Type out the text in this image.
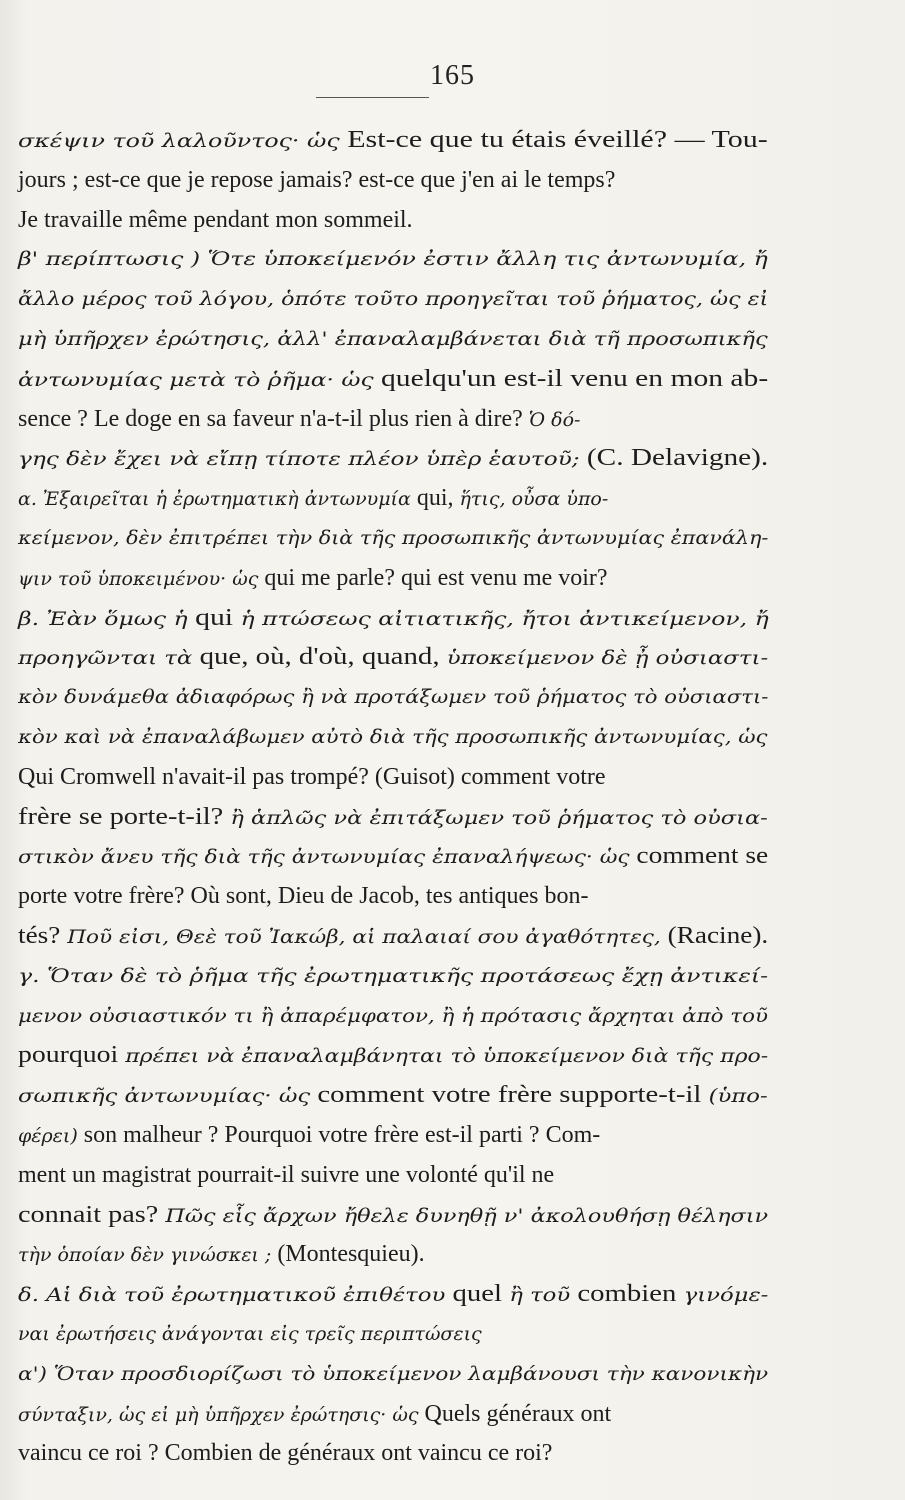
165
σκέψιν τοῦ λαλοῦντος· ὡς Est-ce que tu étais éveillé? — Tou-
jours ; est-ce que je repose jamais? est-ce que j'en ai le temps?
Je travaille même pendant mon sommeil.
β' περίπτωσις ) Ὅτε ὑποκείμενόν ἐστιν ἄλλη τις ἀντωνυμία, ἤ
ἄλλο μέρος τοῦ λόγου, ὁπότε τοῦτο προηγεῖται τοῦ ῥήματος, ὡς εἰ
μὴ ὑπῆρχεν ἐρώτησις, ἀλλ' ἐπαναλαμβάνεται διὰ τῆ προσωπικῆς
ἀντωνυμίας μετὰ τὸ ῥῆμα· ὡς quelqu'un est-il venu en mon ab-
sence ? Le doge en sa faveur n'a-t-il plus rien à dire? Ὁ δό-
γης δὲν ἔχει νὰ εἴπῃ τίποτε πλέον ὑπὲρ ἑαυτοῦ; (C. Delavigne).
α. Ἐξαιρεῖται ἡ ἐρωτηματικὴ ἀντωνυμία qui, ἥτις, οὖσα ὑπο-
κείμενον, δὲν ἐπιτρέπει τὴν διὰ τῆς προσωπικῆς ἀντωνυμίας ἐπανάλη-
ψιν τοῦ ὑποκειμένου· ὡς qui me parle? qui est venu me voir?
β. Ἐὰν ὅμως ἡ qui ἡ πτώσεως αἰτιατικῆς, ἤτοι ἀντικείμενον, ἤ
προηγῶνται τὰ que, où, d'où, quand, ὑποκείμενον δὲ ᾖ οὐσιαστι-
κὸν δυνάμεθα ἀδιαφόρως ἢ νὰ προτάξωμεν τοῦ ῥήματος τὸ οὐσιαστι-
κὸν καὶ νὰ ἐπαναλάβωμεν αὐτὸ διὰ τῆς προσωπικῆς ἀντωνυμίας, ὡς
Qui Cromwell n'avait-il pas trompé? (Guisot) comment votre
frère se porte-t-il? ἢ ἁπλῶς νὰ ἐπιτάξωμεν τοῦ ῥήματος τὸ οὐσια-
στικὸν ἄνευ τῆς διὰ τῆς ἀντωνυμίας ἐπαναλήψεως· ὡς comment se
porte votre frère? Où sont, Dieu de Jacob, tes antiques bon-
tés? Ποῦ εἰσι, Θεὲ τοῦ Ἰακώβ, αἱ παλαιαί σου ἀγαθότητες, (Racine).
γ. Ὅταν δὲ τὸ ῥῆμα τῆς ἐρωτηματικῆς προτάσεως ἔχῃ ἀντικεί-
μενον οὐσιαστικόν τι ἢ ἀπαρέμφατον, ἢ ἡ πρότασις ἄρχηται ἀπὸ τοῦ
pourquoi πρέπει νὰ ἐπαναλαμβάνηται τὸ ὑποκείμενον διὰ τῆς προ-
σωπικῆς ἀντωνυμίας· ὡς comment votre frère supporte-t-il (ὑπο-
φέρει) son malheur ? Pourquoi votre frère est-il parti ? Com-
ment un magistrat pourrait-il suivre une volonté qu'il ne
connait pas? Πῶς εἷς ἄρχων ἤθελε δυνηθῇ ν' ἀκολουθήσῃ θέλησιν
τὴν ὁποίαν δὲν γινώσκει ; (Montesquieu).
δ. Αἱ διὰ τοῦ ἐρωτηματικοῦ ἐπιθέτου quel ἢ τοῦ combien γινόμε-
ναι ἐρωτήσεις ἀνάγονται εἰς τρεῖς περιπτώσεις
α') Ὅταν προσδιορίζωσι τὸ ὑποκείμενον λαμβάνουσι τὴν κανονικὴν
σύνταξιν, ὡς εἰ μὴ ὑπῆρχεν ἐρώτησις· ὡς Quels généraux ont
vaincu ce roi ? Combien de généraux ont vaincu ce roi?
